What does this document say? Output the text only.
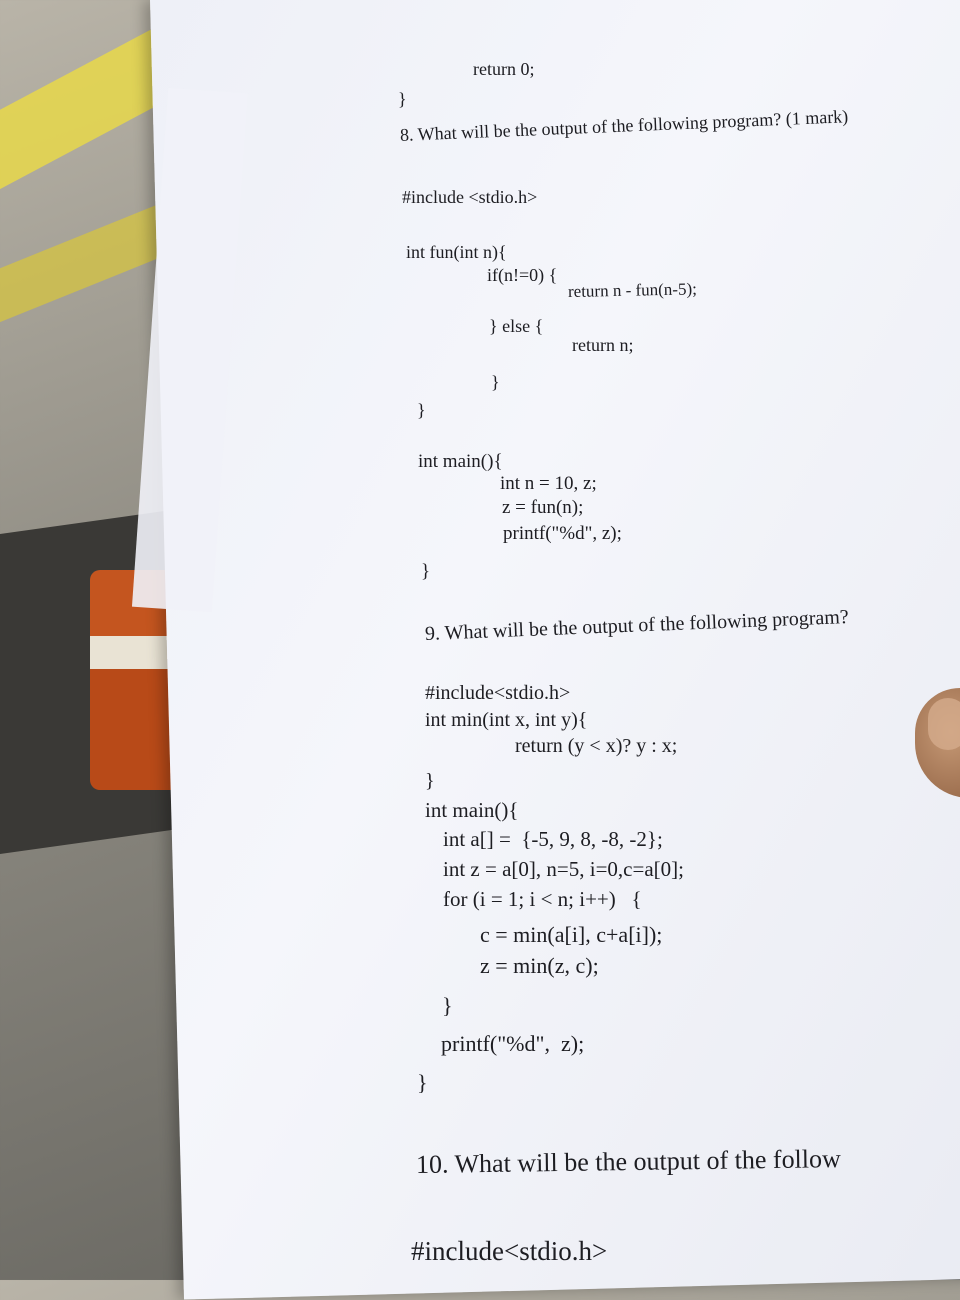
return 0;
}
8. What will be the output of the following program? (1 mark)
#include <stdio.h>
int fun(int n){
if(n!=0) {
return n - fun(n-5);
} else {
return n;
}
}
int main(){
int n = 10, z;
z = fun(n);
printf("%d", z);
}
9. What will be the output of the following program?
#include<stdio.h>
int min(int x, int y){
return (y < x)? y : x;
}
int main(){
int a[] =  {-5, 9, 8, -8, -2};
int z = a[0], n=5, i=0,c=a[0];
for (i = 1; i < n; i++)   {
c = min(a[i], c+a[i]);
z = min(z, c);
}
printf("%d",  z);
}
10. What will be the output of the follow
#include<stdio.h>
